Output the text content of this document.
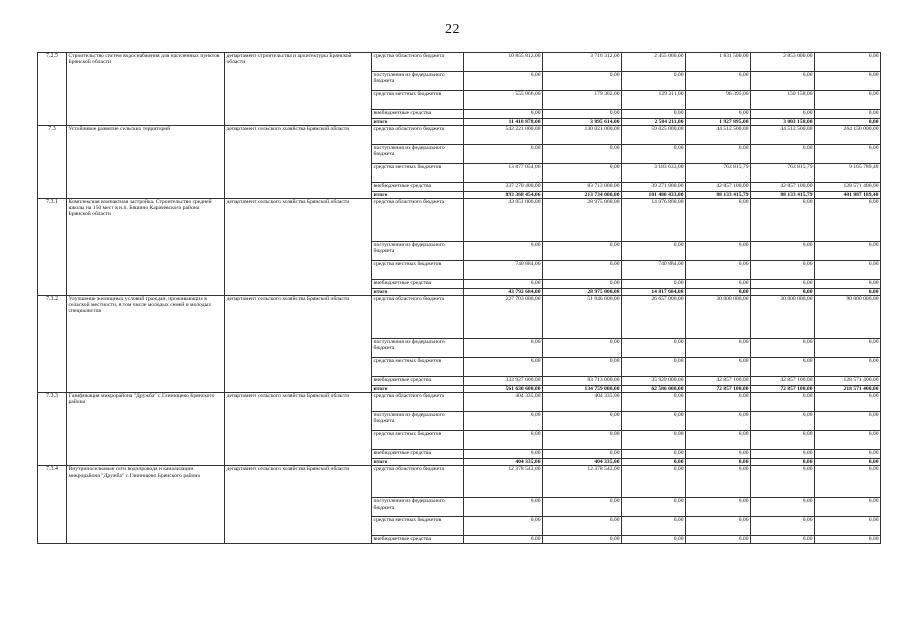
22
7.2.5	Строительство систем водоснабжения для населенных пунктов Брянской области	департамент строительства и архитектуры Брянской области	средства областного бюджета	10 855 812,00	3 716 312,00	2 455 000,00	1 831 500,00	2 853 000,00	0,00
			поступления из федерального бюджета	0,00	0,00	0,00	0,00	0,00	0,00
			средства местных бюджетов	555 066,00	179 302,00	129 211,00	96 395,00	150 158,00	0,00
			внебюджетные средства	0,00	0,00	0,00	0,00	0,00	0,00
			итого	11 410 878,00	3 895 614,00	2 584 211,00	1 927 895,00	3 003 158,00	0,00
7.3	Устойчивое развитие сельских территорий	департамент сельского хозяйства Брянской области	средства областного бюджета	542 221 000,00	130 021 000,00	59 025 000,00	44 512 500,00	44 512 500,00	264 150 000,00
			поступления из федерального бюджета	0,00	0,00	0,00	0,00	0,00	0,00
			средства местных бюджетов	13 877 054,06	0,00	3 183 633,00	763 815,79	763 815,79	9 165 789,48
			внебюджетные средства	337 270 400,00	83 713 000,00	39 271 800,00	42 857 100,00	42 857 100,00	128 571 400,00
			итого	893 368 454,06	213 734 000,00	101 480 433,00	88 133 415,79	88 133 415,79	401 887 189,48
7.3.1	Комплексная компактная застройка. Строительство средней школы на 150 мест в н.п. Бяшино Карачевского района Брянской области	департамент сельского хозяйства Брянской области	средства областного бюджета	43 051 800,00	28 975 000,00	14 076 800,00	0,00	0,00	0,00
			поступления из федерального бюджета	0,00	0,00	0,00	0,00	0,00	0,00
			средства местных бюджетов	740 884,00	0,00	740 884,00	0,00	0,00	0,00
			внебюджетные средства	0,00	0,00	0,00	0,00	0,00	0,00
			итого	43 792 684,00	28 975 000,00	14 817 684,00	0,00	0,00	0,00
7.3.2	Улучшение жилищных условий граждан, проживающих в сельской местности, в том числе молодых семей и молодых специалистов	департамент сельского хозяйства Брянской области	средства областного бюджета	227 703 000,00	51 046 000,00	26 657 000,00	30 000 000,00	30 000 000,00	90 000 000,00
			поступления из федерального бюджета	0,00	0,00	0,00	0,00	0,00	0,00
			средства местных бюджетов	0,00	0,00	0,00	0,00	0,00	0,00
			внебюджетные средства	333 927 600,00	83 713 000,00	35 929 000,00	42 857 100,00	42 857 100,00	128 571 400,00
			итого	561 630 600,00	134 759 000,00	62 586 000,00	72 857 100,00	72 857 100,00	218 571 400,00
7.3.3	Газификация микрорайона "Дружба" с.Глинищево Брянского района	департамент сельского хозяйства Брянской области	средства областного бюджета	404 335,00	404 335,00	0,00	0,00	0,00	0,00
			поступления из федерального бюджета	0,00	0,00	0,00	0,00	0,00	0,00
			средства местных бюджетов	0,00	0,00	0,00	0,00	0,00	0,00
			внебюджетные средства	0,00	0,00	0,00	0,00	0,00	0,00
			итого	404 335,00	404 335,00	0,00	0,00	0,00	0,00
7.3.4	Внутрипоселковые сети водопровода и канализации микрорайона "Дружба" с.Глинищево Брянского района	департамент сельского хозяйства Брянской области	средства областного бюджета	12 378 542,00	12 378 542,00	0,00	0,00	0,00	0,00
			поступления из федерального бюджета	0,00	0,00	0,00	0,00	0,00	0,00
			средства местных бюджетов	0,00	0,00	0,00	0,00	0,00	0,00
			внебюджетные средства	0,00	0,00	0,00	0,00	0,00	0,00
